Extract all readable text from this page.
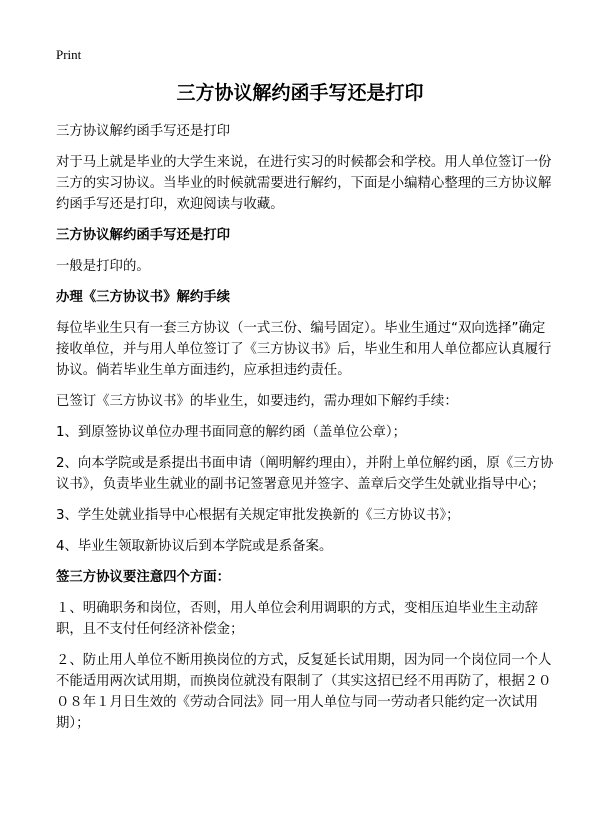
Print
三方协议解约函手写还是打印

三方协议解约函手写还是打印

对于马上就是毕业的大学生来说，在进行实习的时候都会和学校。用人单位签订一份三方的实习协议。当毕业的时候就需要进行解约，下面是小编精心整理的三方协议解约函手写还是打印，欢迎阅读与收藏。

三方协议解约函手写还是打印

一般是打印的。

办理《三方协议书》解约手续

每位毕业生只有一套三方协议（一式三份、编号固定）。毕业生通过“双向选择”确定接收单位，并与用人单位签订了《三方协议书》后，毕业生和用人单位都应认真履行协议。倘若毕业生单方面违约，应承担违约责任。

已签订《三方协议书》的毕业生，如要违约，需办理如下解约手续：

1、到原签协议单位办理书面同意的解约函（盖单位公章）；

2、向本学院或是系提出书面申请（阐明解约理由），并附上单位解约函，原《三方协议书》，负责毕业生就业的副书记签署意见并签字、盖章后交学生处就业指导中心；

3、学生处就业指导中心根据有关规定审批发换新的《三方协议书》；

4、毕业生领取新协议后到本学院或是系备案。

签三方协议要注意四个方面：

１、明确职务和岗位，否则，用人单位会利用调职的方式，变相压迫毕业生主动辞职，且不支付任何经济补偿金；

２、防止用人单位不断用换岗位的方式，反复延长试用期，因为同一个岗位同一个人不能适用两次试用期，而换岗位就没有限制了（其实这招已经不用再防了，根据２００８年１月日生效的《劳动合同法》同一用人单位与同一劳动者只能约定一次试用期）；
